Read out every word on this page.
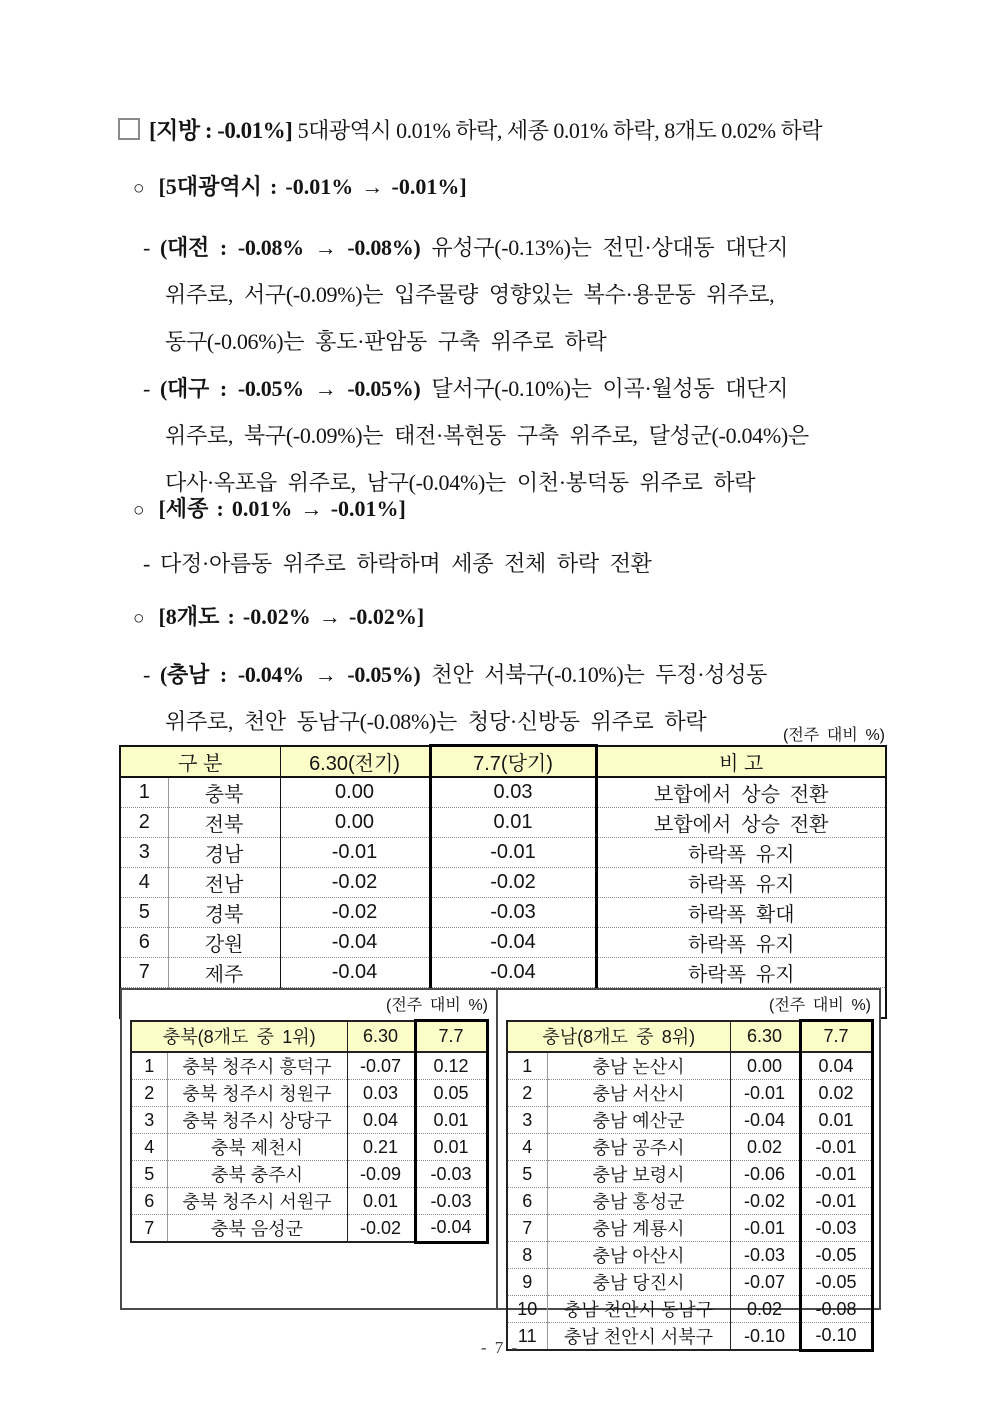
[지방 : -0.01%] 5대광역시 0.01% 하락, 세종 0.01% 하락, 8개도 0.02% 하락
○ [5대광역시 : -0.01% → -0.01%]
- (대전 : -0.08% → -0.08%) 유성구(-0.13%)는 전민·상대동 대단지
위주로, 서구(-0.09%)는 입주물량 영향있는 복수·용문동 위주로,
동구(-0.06%)는 홍도·판암동 구축 위주로 하락
- (대구 : -0.05% → -0.05%) 달서구(-0.10%)는 이곡·월성동 대단지
위주로, 북구(-0.09%)는 태전·복현동 구축 위주로, 달성군(-0.04%)은
다사·옥포읍 위주로, 남구(-0.04%)는 이천·봉덕동 위주로 하락
○ [세종 : 0.01% → -0.01%]
- 다정·아름동 위주로 하락하며 세종 전체 하락 전환
○ [8개도 : -0.02% → -0.02%]
- (충남 : -0.04% → -0.05%) 천안 서북구(-0.10%)는 두정·성성동
위주로, 천안 동남구(-0.08%)는 청당·신방동 위주로 하락
(전주 대비 %)
구 분		6.30(전기)	7.7(당기)	비 고
1	충북	0.00	0.03	보합에서 상승 전환
2	전북	0.00	0.01	보합에서 상승 전환
3	경남	-0.01	-0.01	하락폭 유지
4	전남	-0.02	-0.02	하락폭 유지
5	경북	-0.02	-0.03	하락폭 확대
6	강원	-0.04	-0.04	하락폭 유지
7	제주	-0.04	-0.04	하락폭 유지

(전주 대비 %)
충북(8개도 중 1위)		6.30	7.7
1	충북 청주시 흥덕구	-0.07	0.12
2	충북 청주시 청원구	0.03	0.05
3	충북 청주시 상당구	0.04	0.01
4	충북 제천시	0.21	0.01
5	충북 충주시	-0.09	-0.03
6	충북 청주시 서원구	0.01	-0.03
7	충북 음성군	-0.02	-0.04
(전주 대비 %)
충남(8개도 중 8위)		6.30	7.7
1	충남 논산시	0.00	0.04
2	충남 서산시	-0.01	0.02
3	충남 예산군	-0.04	0.01
4	충남 공주시	0.02	-0.01
5	충남 보령시	-0.06	-0.01
6	충남 홍성군	-0.02	-0.01
7	충남 계룡시	-0.01	-0.03
8	충남 아산시	-0.03	-0.05
9	충남 당진시	-0.07	-0.05
10	충남 천안시 동남구	0.02	-0.08
11	충남 천안시 서북구	-0.10	-0.10
- 7 -
